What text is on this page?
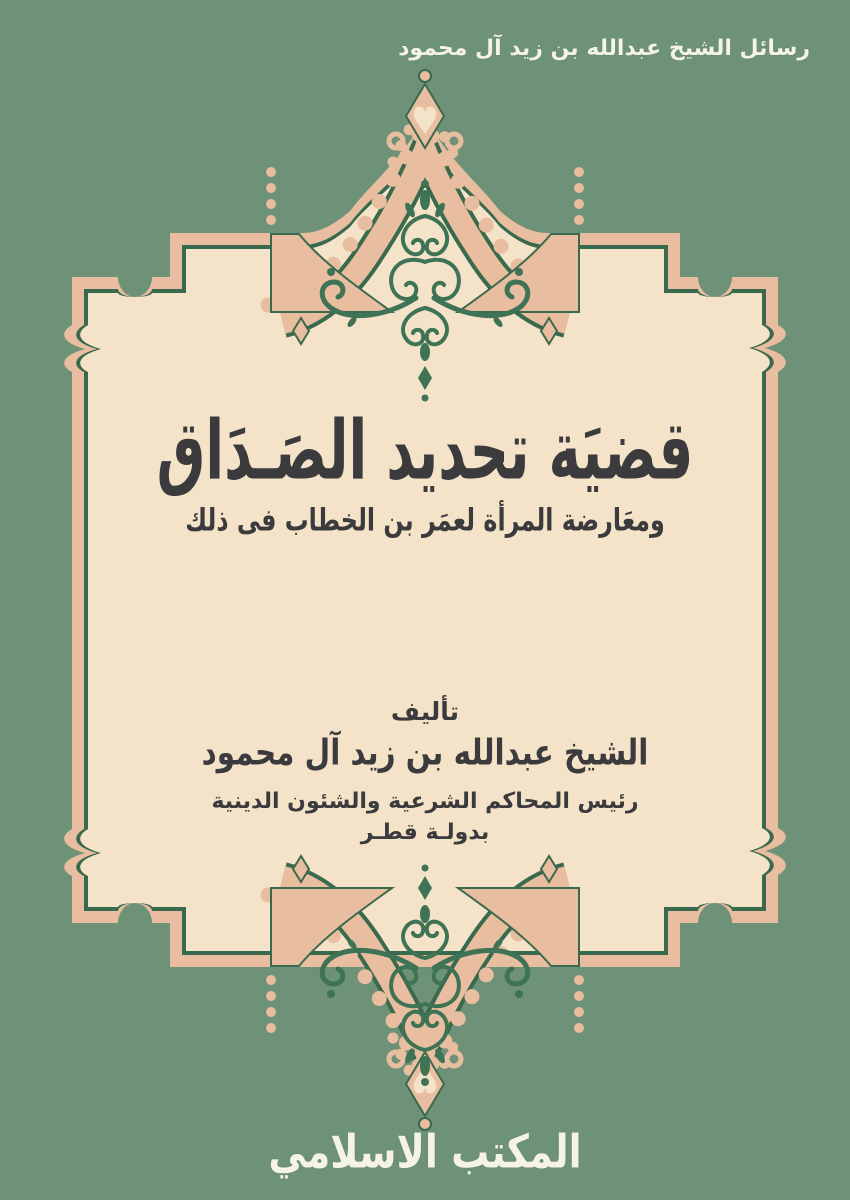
رسائل الشيخ عبدالله بن زيد آل محمود
قضيَة تحديد الصَـدَاق
ومعَارضة المرأة لعمَر بن الخطاب فى ذلك
تأليف
الشيخ عبدالله بن زيد آل محمود
رئيس المحاكم الشرعية والشئون الدينية
بدولـة قطـر
المكتب الاسلامي
